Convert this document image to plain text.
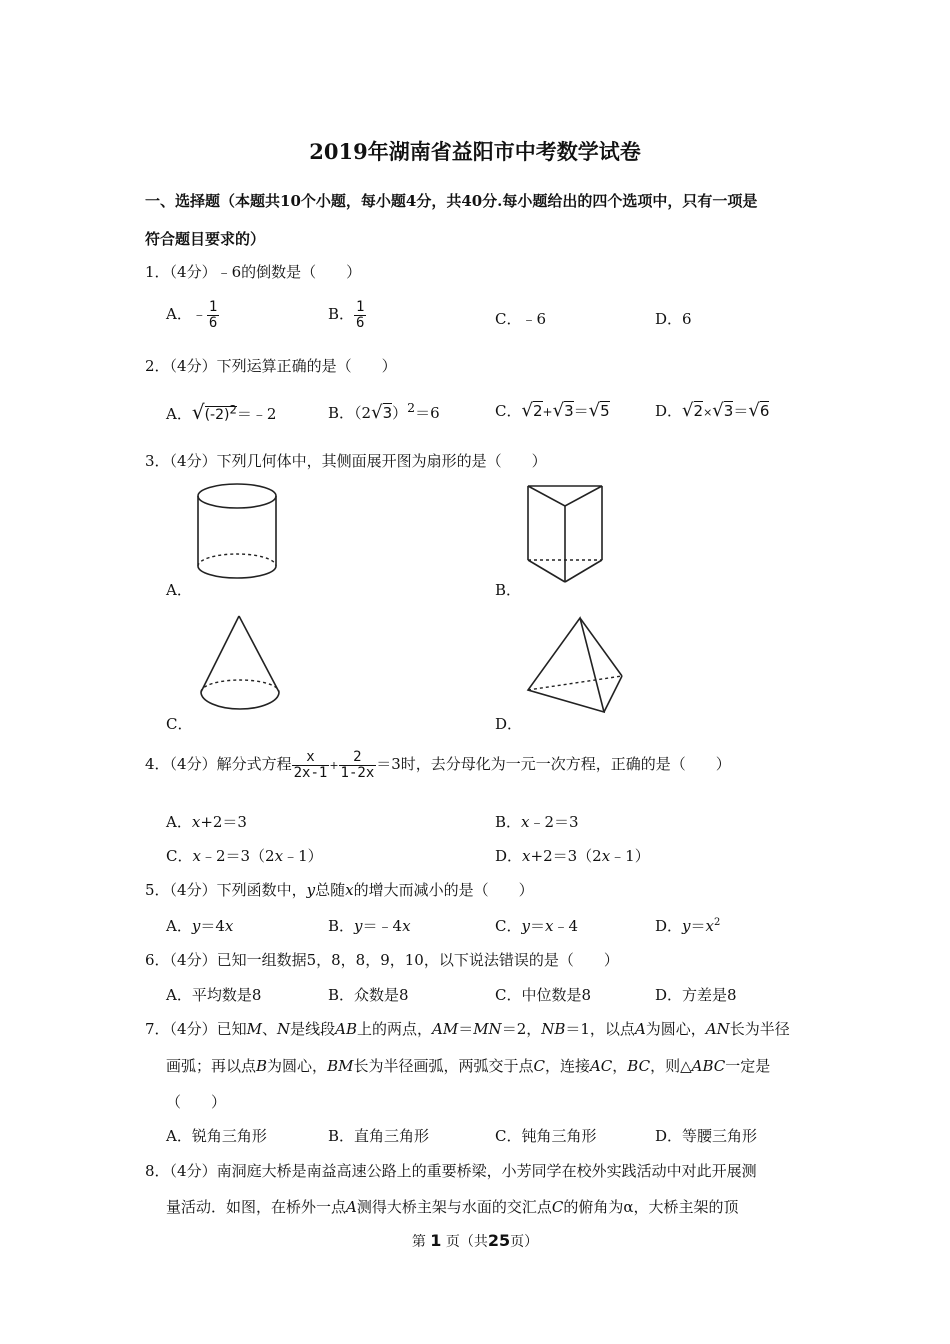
2019年湖南省益阳市中考数学试卷
一、选择题（本题共10个小题，每小题4分，共40分.每小题给出的四个选项中，只有一项是
符合题目要求的）
1．（4分）﹣6的倒数是（　　）
A．﹣ $\frac{1}{6}$	B． $\frac{1}{6}$	C．﹣6	D．6
2．（4分）下列运算正确的是（　　）
A．$√(-2)^2=﹣2$	B．$(2√3)^2=6$	C．√2+√3＝√5	D．√2×√3＝√6
3．（4分）下列几何体中，其侧面展开图为扇形的是（　　）
A．	B．
C．	D．
4．（4分）解分式方程 $\frac{x}{2x-1} + \frac{2}{1-2x} =3$时，去分母化为一元一次方程，正确的是（　　）
A．x+2＝3	B．x﹣2＝3
C．x﹣2＝3（2x﹣1）	D．x+2＝3（2x﹣1）
5．（4分）下列函数中，y总随x的增大而减小的是（　　）
A．y＝4x	B．y＝﹣4x	C．y＝x﹣4	D．$y=x^2$
6．（4分）已知一组数据5，8，8，9，10，以下说法错误的是（　　）
A．平均数是8	B．众数是8	C．中位数是8	D．方差是8
7．（4分）已知M、N是线段AB上的两点，AM＝MN＝2，NB＝1，以点A为圆心，AN长为半径
画弧；再以点B为圆心，BM长为半径画弧，两弧交于点C，连接AC，BC，则△ABC一定是
（　　）
A．锐角三角形	B．直角三角形	C．钝角三角形	D．等腰三角形
8．（4分）南洞庭大桥是南益高速公路上的重要桥梁，小芳同学在校外实践活动中对此开展测
量活动．如图，在桥外一点A测得大桥主架与水面的交汇点C的俯角为α，大桥主架的顶
第 1 页（共25页）
